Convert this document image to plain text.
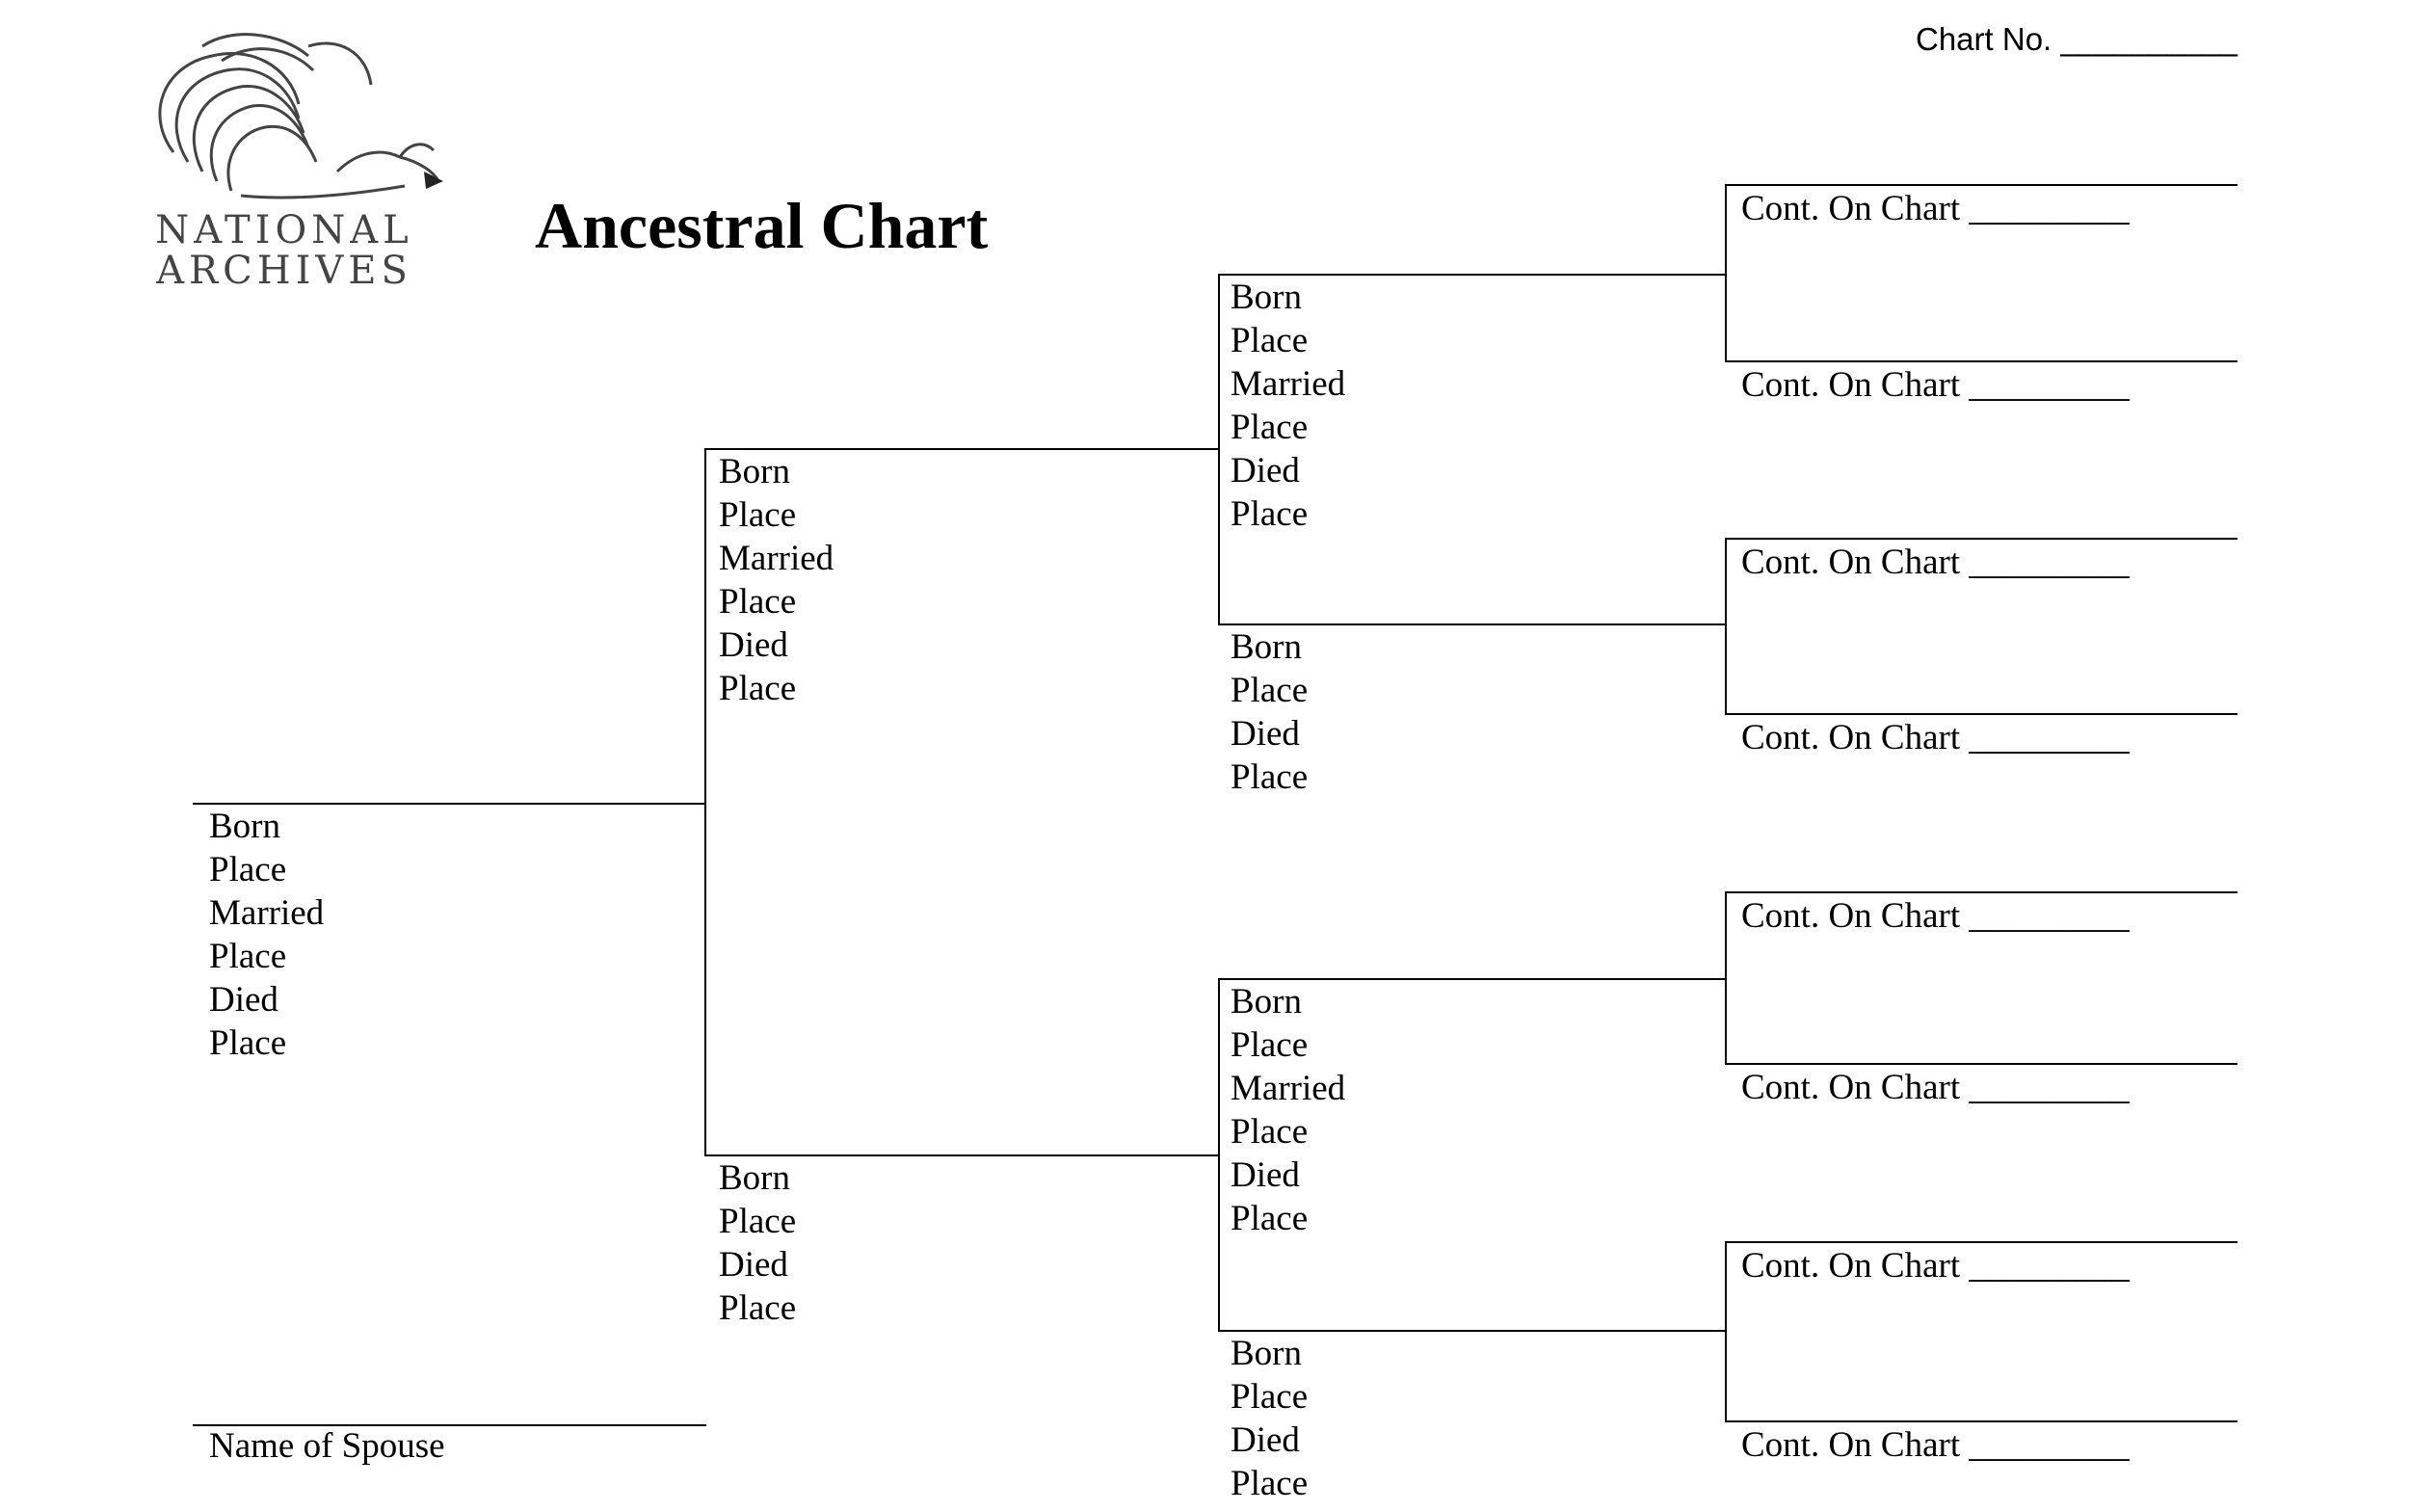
Chart No. __________
NATIONAL
ARCHIVES
Ancestral Chart
Born
Place
Married
Place
Died
Place
Name of Spouse
Born
Place
Married
Place
Died
Place
Born
Place
Died
Place
Born
Place
Married
Place
Died
Place
Born
Place
Died
Place
Born
Place
Married
Place
Died
Place
Born
Place
Died
Place
Cont. On Chart _________
Cont. On Chart _________
Cont. On Chart _________
Cont. On Chart _________
Cont. On Chart _________
Cont. On Chart _________
Cont. On Chart _________
Cont. On Chart _________
